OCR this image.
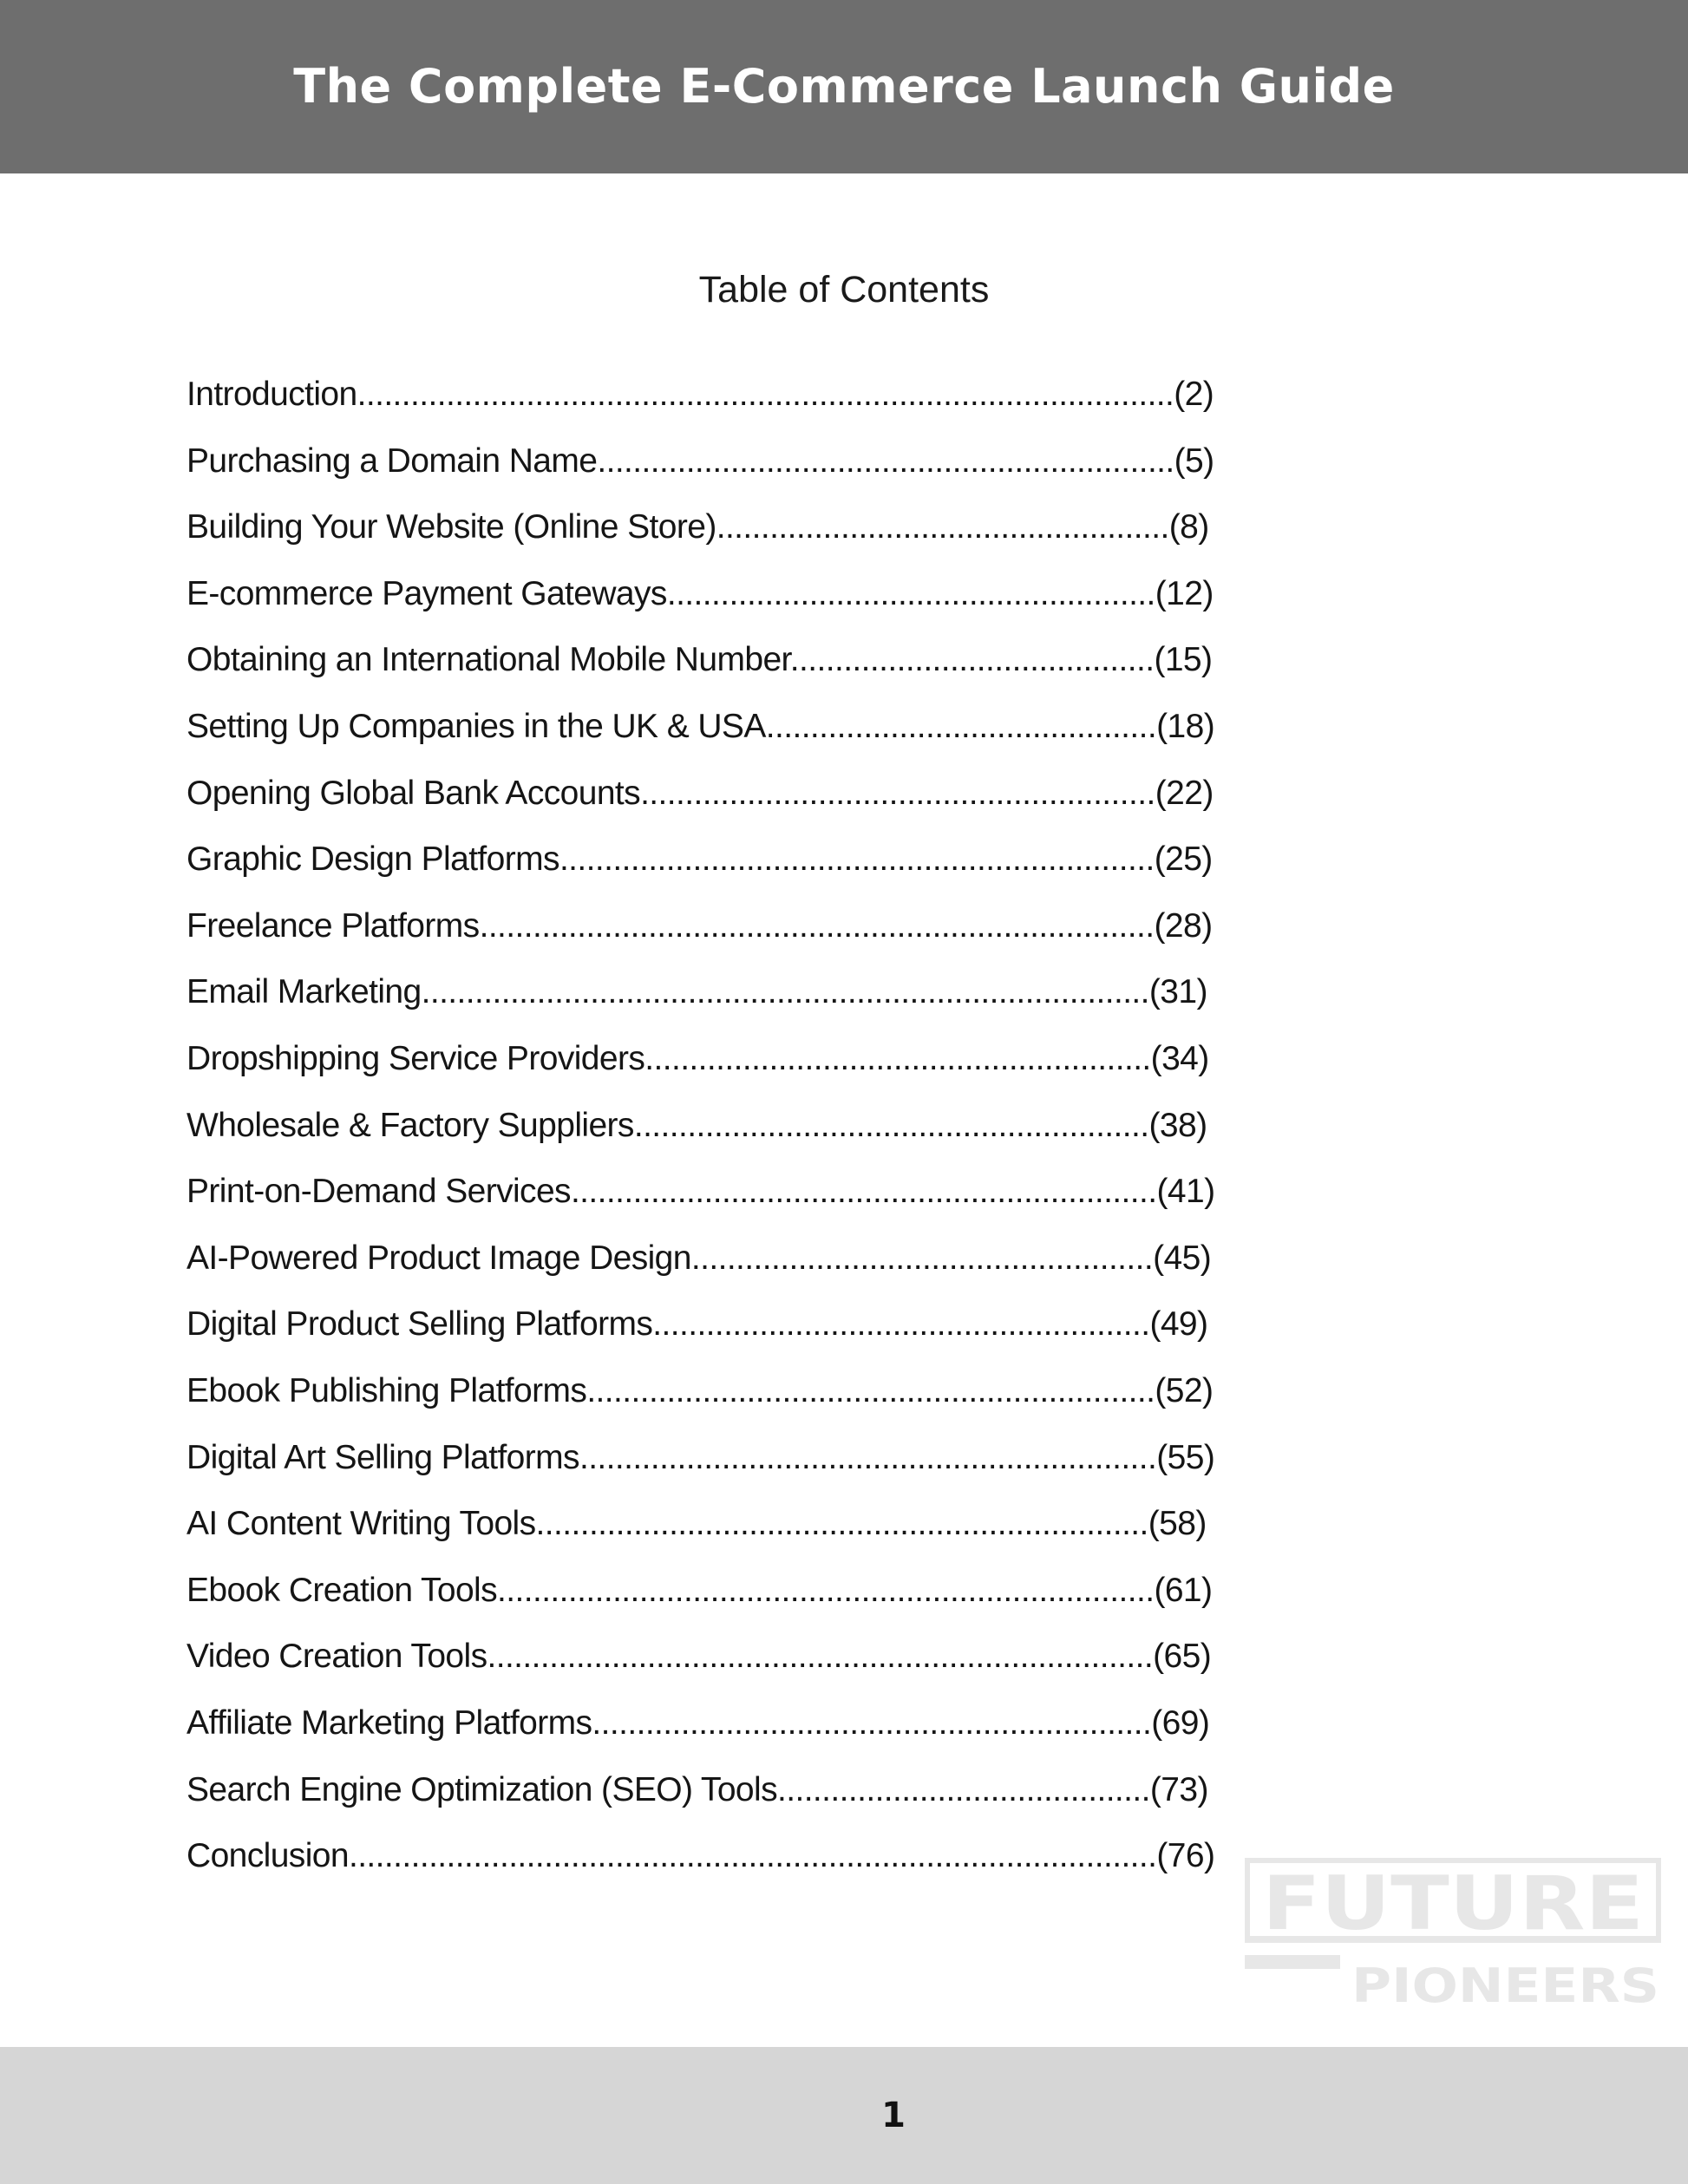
The Complete E-Commerce Launch Guide
Table of Contents
Introduction............................................................................................(2)
Purchasing a Domain Name.................................................................(5)
Building Your Website (Online Store)...................................................(8)
E-commerce Payment Gateways.......................................................(12)
Obtaining an International Mobile Number.........................................(15)
Setting Up Companies in the UK & USA............................................(18)
Opening Global Bank Accounts..........................................................(22)
Graphic Design Platforms...................................................................(25)
Freelance Platforms............................................................................(28)
Email Marketing..................................................................................(31)
Dropshipping Service Providers.........................................................(34)
Wholesale & Factory Suppliers..........................................................(38)
Print-on-Demand Services..................................................................(41)
AI-Powered Product Image Design....................................................(45)
Digital Product Selling Platforms........................................................(49)
Ebook Publishing Platforms................................................................(52)
Digital Art Selling Platforms.................................................................(55)
AI Content Writing Tools.....................................................................(58)
Ebook Creation Tools..........................................................................(61)
Video Creation Tools...........................................................................(65)
Affiliate Marketing Platforms...............................................................(69)
Search Engine Optimization (SEO) Tools..........................................(73)
Conclusion...........................................................................................(76)
FUTURE
PIONEERS
1
